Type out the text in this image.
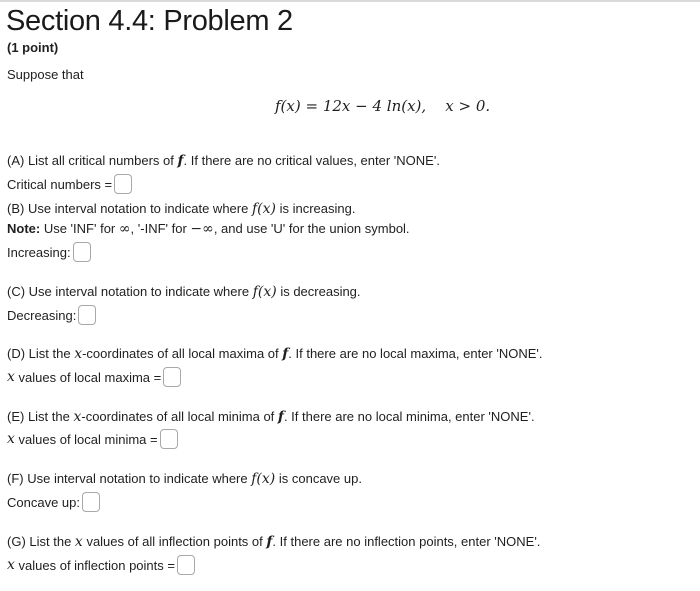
Section 4.4: Problem 2
(1 point)
Suppose that
f(x) = 12x − 4 ln(x), x > 0.
(A) List all critical numbers of f. If there are no critical values, enter 'NONE'.
Critical numbers =
(B) Use interval notation to indicate where f(x) is increasing.
Note: Use 'INF' for ∞, '-INF' for −∞, and use 'U' for the union symbol.
Increasing:
(C) Use interval notation to indicate where f(x) is decreasing.
Decreasing:
(D) List the x-coordinates of all local maxima of f. If there are no local maxima, enter 'NONE'.
x values of local maxima =
(E) List the x-coordinates of all local minima of f. If there are no local minima, enter 'NONE'.
x values of local minima =
(F) Use interval notation to indicate where f(x) is concave up.
Concave up:
(G) List the x values of all inflection points of f. If there are no inflection points, enter 'NONE'.
x values of inflection points =
